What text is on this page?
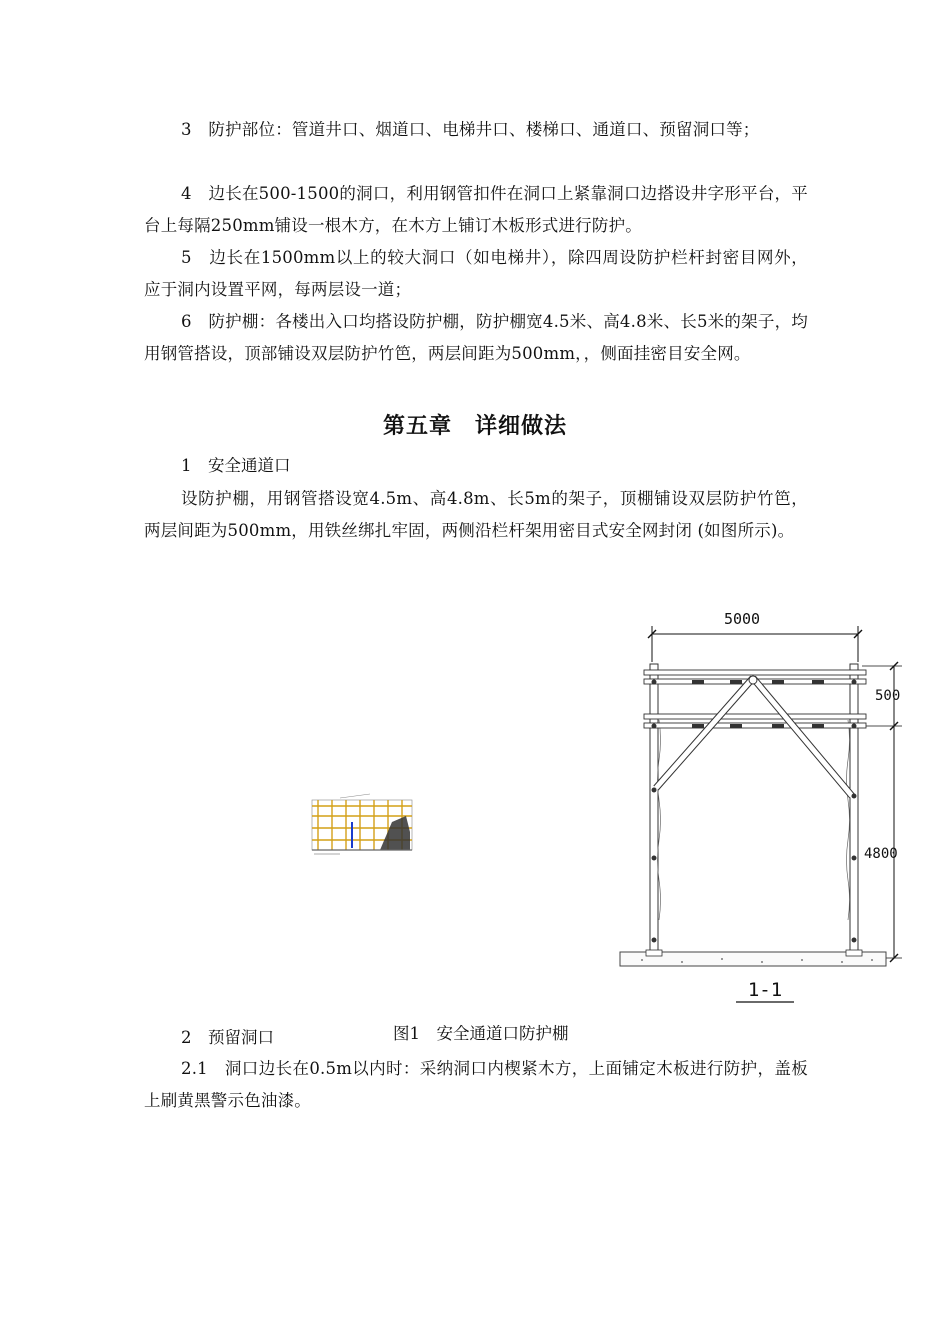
3　防护部位：管道井口、烟道口、电梯井口、楼梯口、通道口、预留洞口等；
4　边长在500-1500的洞口，利用钢管扣件在洞口上紧靠洞口边搭设井字形平台，平台上每隔250mm铺设一根木方，在木方上铺订木板形式进行防护。
5　边长在1500mm以上的较大洞口（如电梯井），除四周设防护栏杆封密目网外，应于洞内设置平网，每两层设一道；
6　防护棚：各楼出入口均搭设防护棚，防护棚宽4.5米、高4.8米、长5米的架子，均用钢管搭设，顶部铺设双层防护竹笆，两层间距为500mm，，侧面挂密目安全网。
第五章　详细做法
1　安全通道口
设防护棚，用钢管搭设宽4.5m、高4.8m、长5m的架子，顶棚铺设双层防护竹笆，两层间距为500mm，用铁丝绑扎牢固，两侧沿栏杆架用密目式安全网封闭 (如图所示)。
5000
500
4800
1-1
2　预留洞口	图1　安全通道口防护棚
2.1　洞口边长在0.5m以内时：采纳洞口内楔紧木方，上面铺定木板进行防护，盖板上刷黄黑警示色油漆。
